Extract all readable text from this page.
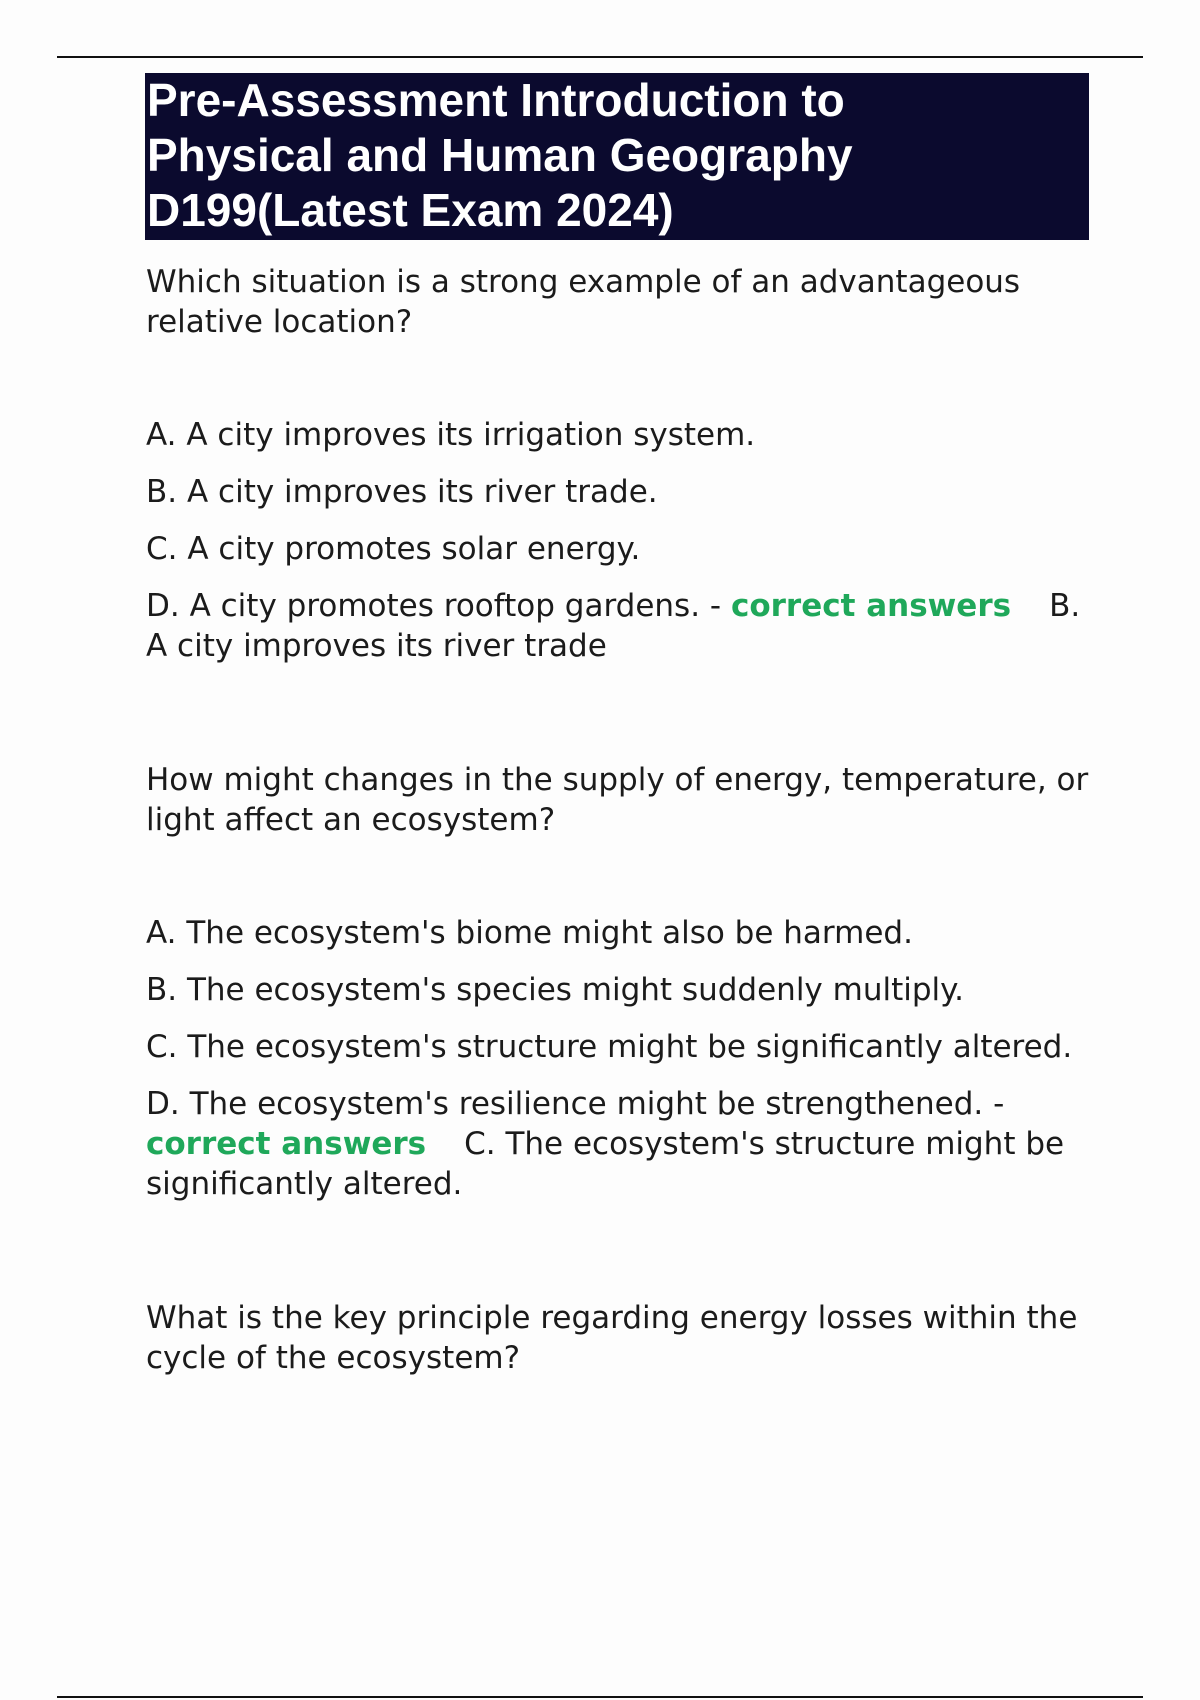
Pre-Assessment Introduction to
Physical and Human Geography
D199(Latest Exam 2024)

Which situation is a strong example of an advantageous relative location?

A. A city improves its irrigation system.
B. A city improves its river trade.
C. A city promotes solar energy.
D. A city promotes rooftop gardens. - correct answers B. A city improves its river trade

How might changes in the supply of energy, temperature, or light affect an ecosystem?

A. The ecosystem's biome might also be harmed.
B. The ecosystem's species might suddenly multiply.
C. The ecosystem's structure might be significantly altered.
D. The ecosystem's resilience might be strengthened. - correct answers C. The ecosystem's structure might be significantly altered.

What is the key principle regarding energy losses within the cycle of the ecosystem?
